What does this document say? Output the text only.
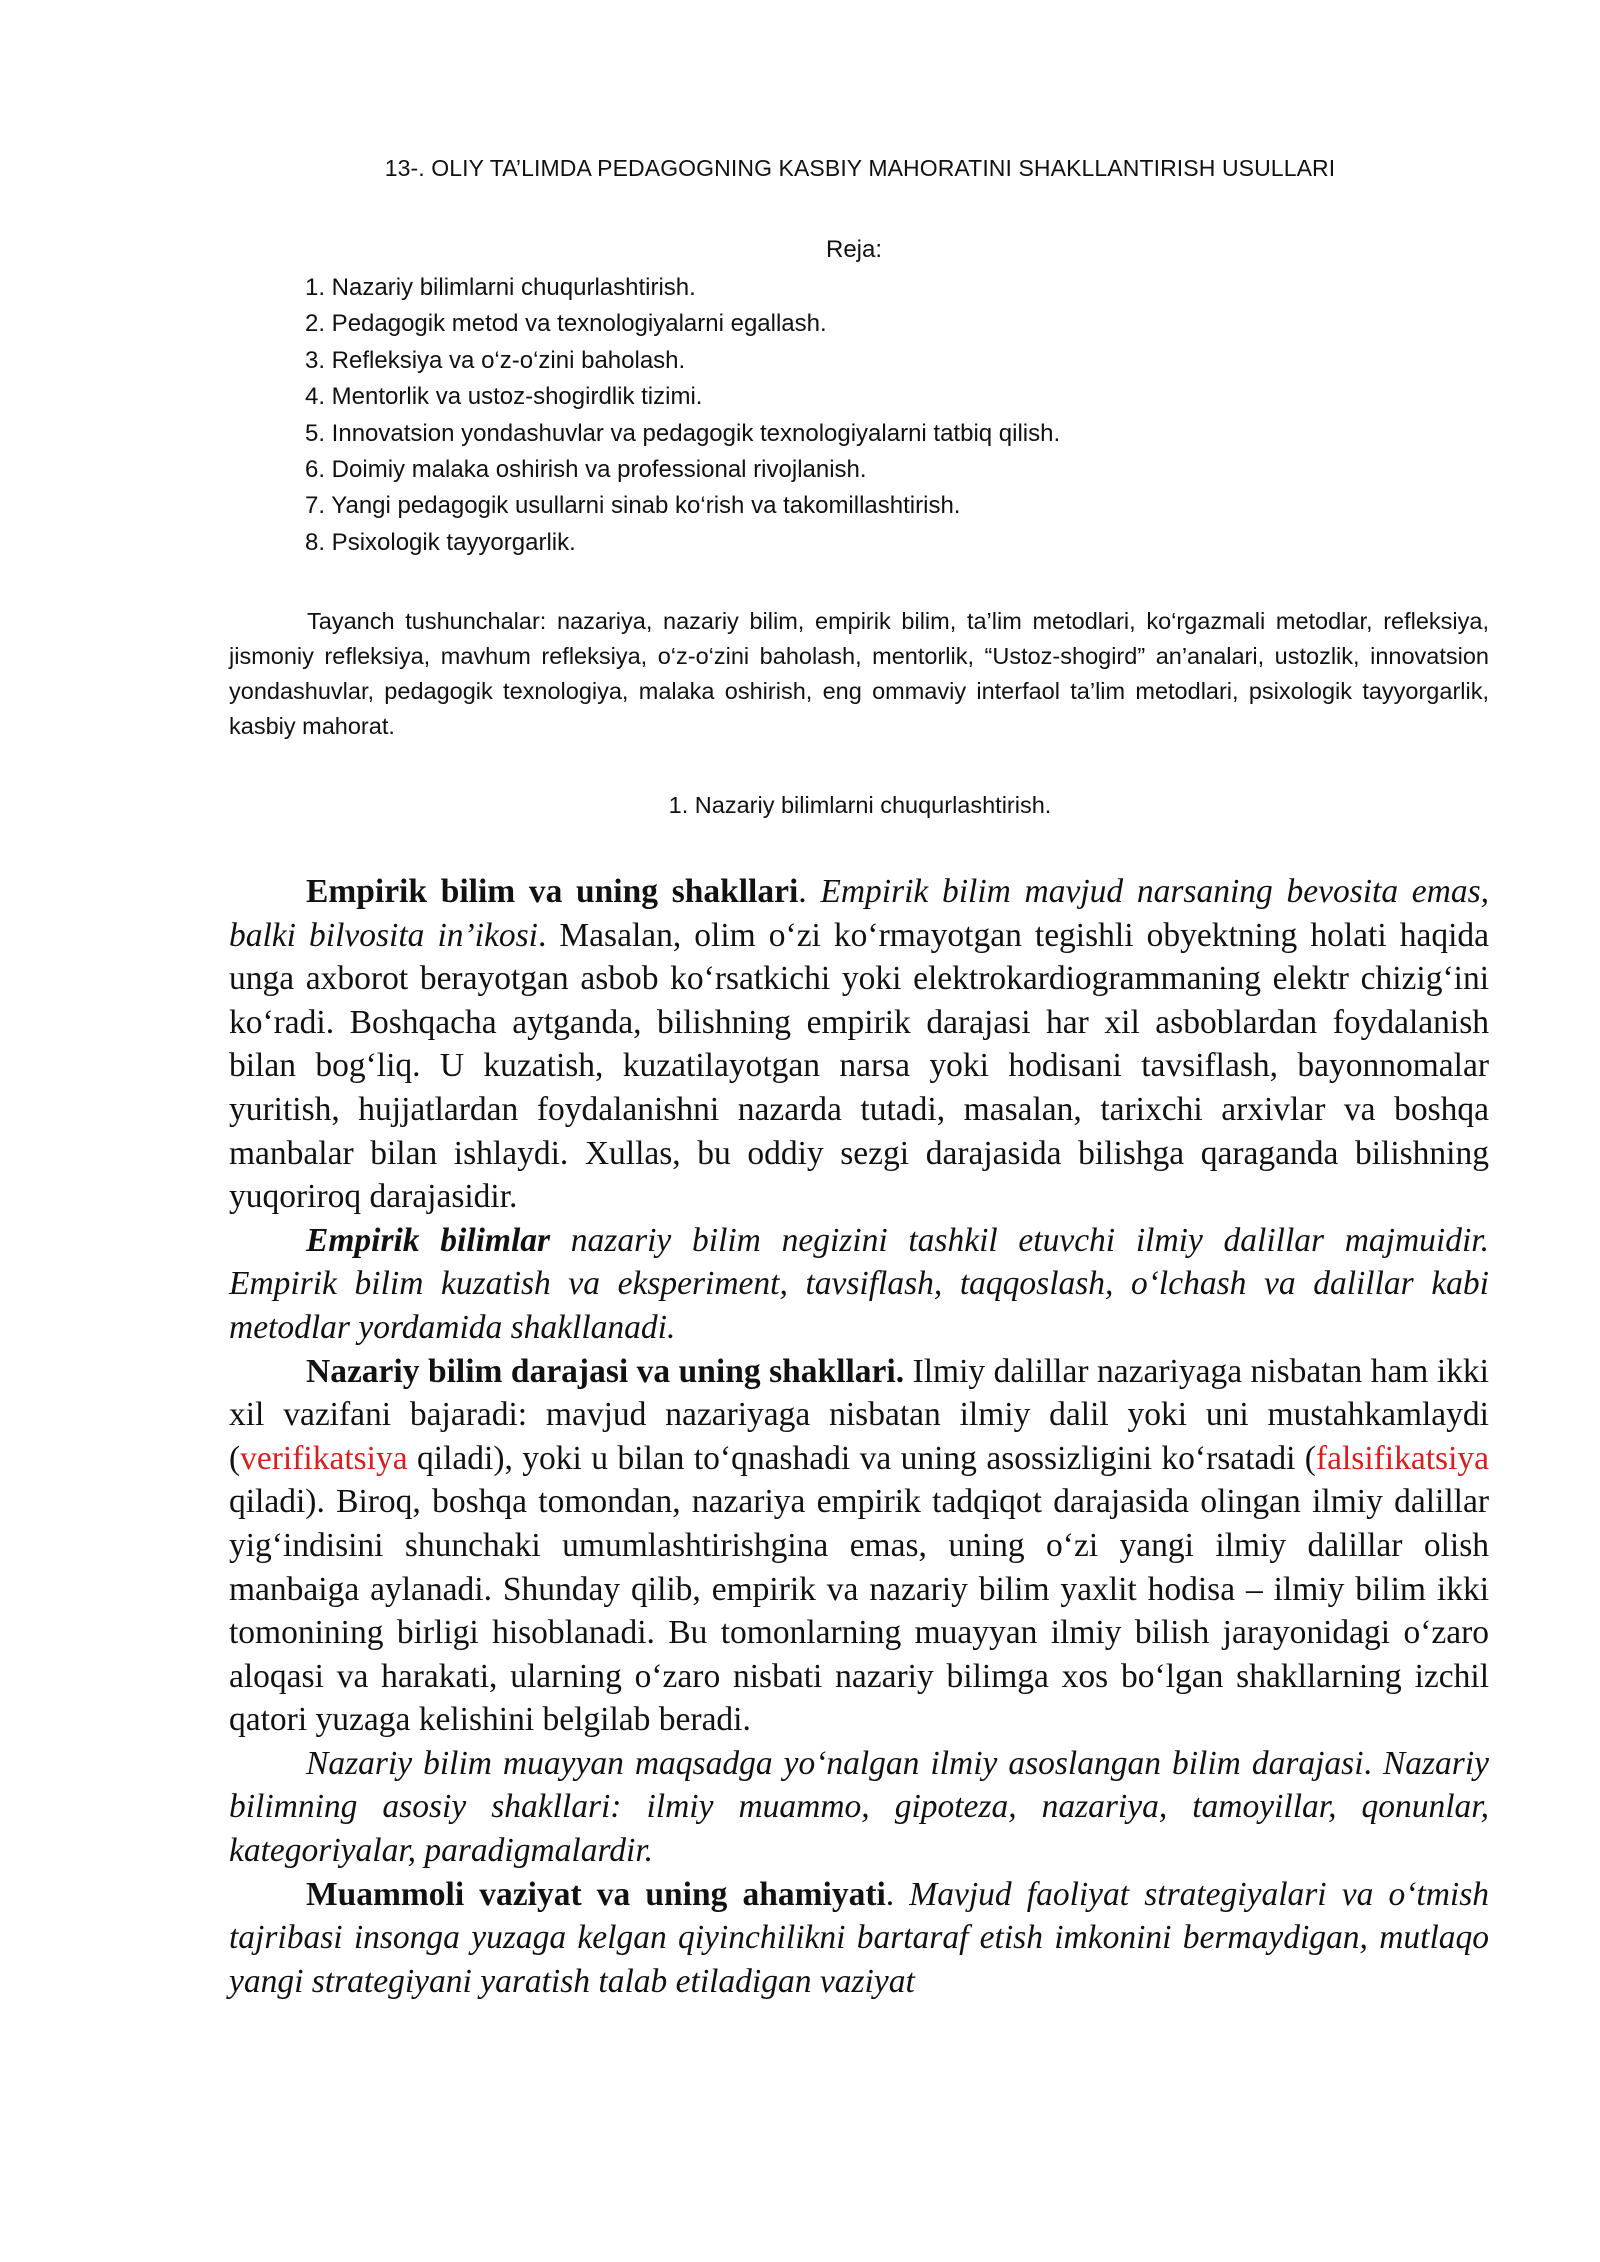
13-. OLIY TA’LIMDA PEDAGOGNING KASBIY MAHORATINI SHAKLLANTIRISH USULLARI
Reja:
1. Nazariy bilimlarni chuqurlashtirish.
2. Pedagogik metod va texnologiyalarni egallash.
3. Refleksiya va o‘z-o‘zini baholash.
4. Mentorlik va ustoz-shogirdlik tizimi.
5. Innovatsion yondashuvlar va pedagogik texnologiyalarni tatbiq qilish.
6. Doimiy malaka oshirish va professional rivojlanish.
7. Yangi pedagogik usullarni sinab ko‘rish va takomillashtirish.
8. Psixologik tayyorgarlik.

Tayanch tushunchalar: nazariya, nazariy bilim, empirik bilim, ta’lim metodlari, ko‘rgazmali metodlar, refleksiya, jismoniy refleksiya, mavhum refleksiya, o‘z-o‘zini baholash, mentorlik, “Ustoz-shogird” an’analari, ustozlik, innovatsion yondashuvlar, pedagogik texnologiya, malaka oshirish, eng ommaviy interfaol ta’lim metodlari, psixologik tayyorgarlik, kasbiy mahorat.

1. Nazariy bilimlarni chuqurlashtirish.

Empirik bilim va uning shakllari. Empirik bilim mavjud narsaning bevosita emas, balki bilvosita in’ikosi. Masalan, olim o‘zi ko‘rmayotgan tegishli obyektning holati haqida unga axborot berayotgan asbob ko‘rsatkichi yoki elektrokardiogrammaning elektr chizig‘ini ko‘radi. Boshqacha aytganda, bilishning empirik darajasi har xil asboblardan foydalanish bilan bog‘liq. U kuzatish, kuzatilayotgan narsa yoki hodisani tavsiflash, bayonnomalar yuritish, hujjatlardan foydalanishni nazarda tutadi, masalan, tarixchi arxivlar va boshqa manbalar bilan ishlaydi. Xullas, bu oddiy sezgi darajasida bilishga qaraganda bilishning yuqoriroq darajasidir.

Empirik bilimlar nazariy bilim negizini tashkil etuvchi ilmiy dalillar majmuidir. Empirik bilim kuzatish va eksperiment, tavsiflash, taqqoslash, o‘lchash va dalillar kabi metodlar yordamida shakllanadi.

Nazariy bilim darajasi va uning shakllari. Ilmiy dalillar nazariyaga nisbatan ham ikki xil vazifani bajaradi: mavjud nazariyaga nisbatan ilmiy dalil yoki uni mustahkamlaydi (verifikatsiya qiladi), yoki u bilan to‘qnashadi va uning asossizligini ko‘rsatadi (falsifikatsiya qiladi). Biroq, boshqa tomondan, nazariya empirik tadqiqot darajasida olingan ilmiy dalillar yig‘indisini shunchaki umumlashtirishgina emas, uning o‘zi yangi ilmiy dalillar olish manbaiga aylanadi. Shunday qilib, empirik va nazariy bilim yaxlit hodisa – ilmiy bilim ikki tomonining birligi hisoblanadi. Bu tomonlarning muayyan ilmiy bilish jarayonidagi o‘zaro aloqasi va harakati, ularning o‘zaro nisbati nazariy bilimga xos bo‘lgan shakllarning izchil qatori yuzaga kelishini belgilab beradi.

Nazariy bilim muayyan maqsadga yo‘nalgan ilmiy asoslangan bilim darajasi. Nazariy bilimning asosiy shakllari: ilmiy muammo, gipoteza, nazariya, tamoyillar, qonunlar, kategoriyalar, paradigmalardir.

Muammoli vaziyat va uning ahamiyati. Mavjud faoliyat strategiyalari va o‘tmish tajribasi insonga yuzaga kelgan qiyinchilikni bartaraf etish imkonini bermaydigan, mutlaqo yangi strategiyani yaratish talab etiladigan vaziyat
